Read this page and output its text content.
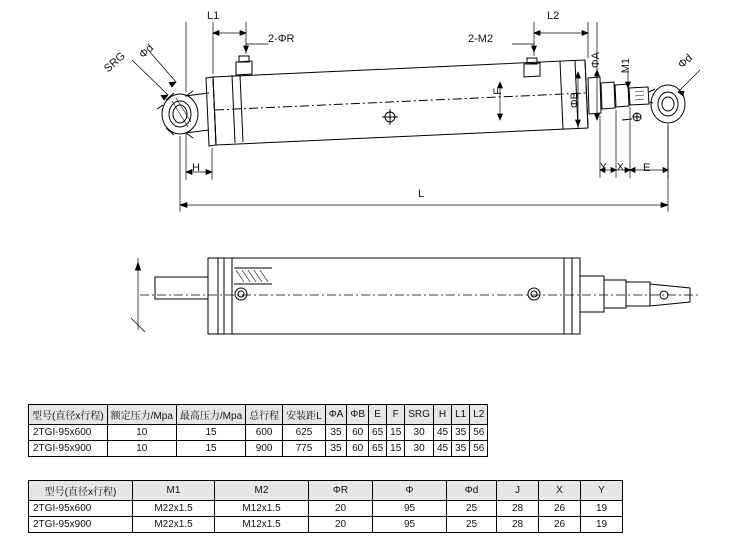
L1	L2
2-ΦR	2-M2
SRG Φd	ΦA M1	Φd
ΦB
F
H	Y X E
L
型号(直径x行程)	额定压力/Mpa	最高压力/Mpa	总行程	安装距L	ΦA	ΦB	E	F	SRG	H	L1	L2
2TGI-95x600	10	15	600	625	35	60	65	15	30	45	35	56
2TGI-95x900	10	15	900	775	35	60	65	15	30	45	35	56
型号(直径x行程)	M1	M2	ΦR	Φ	Φd	J	X	Y
2TGI-95x600	M22x1.5	M12x1.5	20	95	25	28	26	19
2TGI-95x900	M22x1.5	M12x1.5	20	95	25	28	26	19
